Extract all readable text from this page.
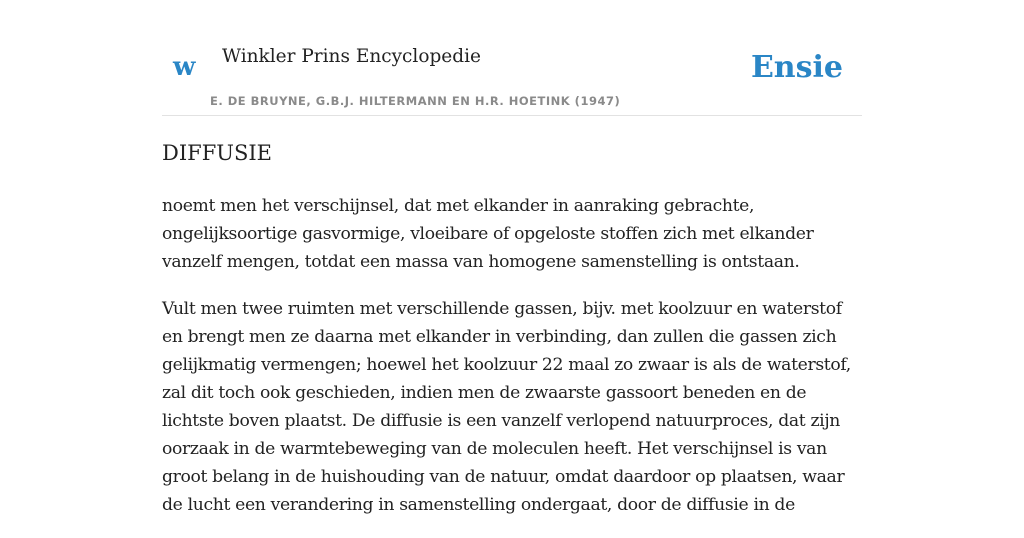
w Winkler Prins Encyclopedie
E. DE BRUYNE, G.B.J. HILTERMANN EN H.R. HOETINK (1947)
Ensie
DIFFUSIE

noemt men het verschijnsel, dat met elkander in aanraking gebrachte,
ongelijksoortige gasvormige, vloeibare of opgeloste stoffen zich met elkander
vanzelf mengen, totdat een massa van homogene samenstelling is ontstaan.

Vult men twee ruimten met verschillende gassen, bijv. met koolzuur en waterstof
en brengt men ze daarna met elkander in verbinding, dan zullen die gassen zich
gelijkmatig vermengen; hoewel het koolzuur 22 maal zo zwaar is als de waterstof,
zal dit toch ook geschieden, indien men de zwaarste gassoort beneden en de
lichtste boven plaatst. De diffusie is een vanzelf verlopend natuurproces, dat zijn
oorzaak in de warmtebeweging van de moleculen heeft. Het verschijnsel is van
groot belang in de huishouding van de natuur, omdat daardoor op plaatsen, waar
de lucht een verandering in samenstelling ondergaat, door de diffusie in de
